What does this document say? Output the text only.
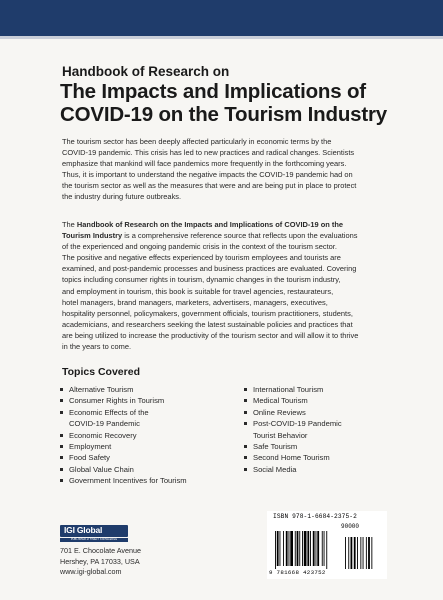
Handbook of Research on
The Impacts and Implications of
COVID-19 on the Tourism Industry
The tourism sector has been deeply affected particularly in economic terms by the
COVID-19 pandemic. This crisis has led to new practices and radical changes. Scientists
emphasize that mankind will face pandemics more frequently in the forthcoming years.
Thus, it is important to understand the negative impacts the COVID-19 pandemic had on
the tourism sector as well as the measures that were and are being put in place to protect
the industry during future outbreaks.
The Handbook of Research on the Impacts and Implications of COVID-19 on the
Tourism Industry is a comprehensive reference source that reflects upon the evaluations
of the experienced and ongoing pandemic crisis in the context of the tourism sector.
The positive and negative effects experienced by tourism employees and tourists are
examined, and post-pandemic processes and business practices are evaluated. Covering
topics including consumer rights in tourism, dynamic changes in the tourism industry,
and employment in tourism, this book is suitable for travel agencies, restaurateurs,
hotel managers, brand managers, marketers, advertisers, managers, executives,
hospitality personnel, policymakers, government officials, tourism practitioners, students,
academicians, and researchers seeking the latest sustainable policies and practices that
are being utilized to increase the productivity of the tourism sector and will allow it to thrive
in the years to come.
Topics Covered
Alternative Tourism
Consumer Rights in Tourism
Economic Effects of the
COVID-19 Pandemic
Economic Recovery
Employment
Food Safety
Global Value Chain
Government Incentives for Tourism
International Tourism
Medical Tourism
Online Reviews
Post-COVID-19 Pandemic
Tourist Behavior
Safe Tourism
Second Home Tourism
Social Media
IGI Global
PUBLISHER of TIMELY KNOWLEDGE
701 E. Chocolate Avenue
Hershey, PA 17033, USA
www.igi-global.com
ISBN 978-1-6684-2375-2
90000
9 781668 423752
